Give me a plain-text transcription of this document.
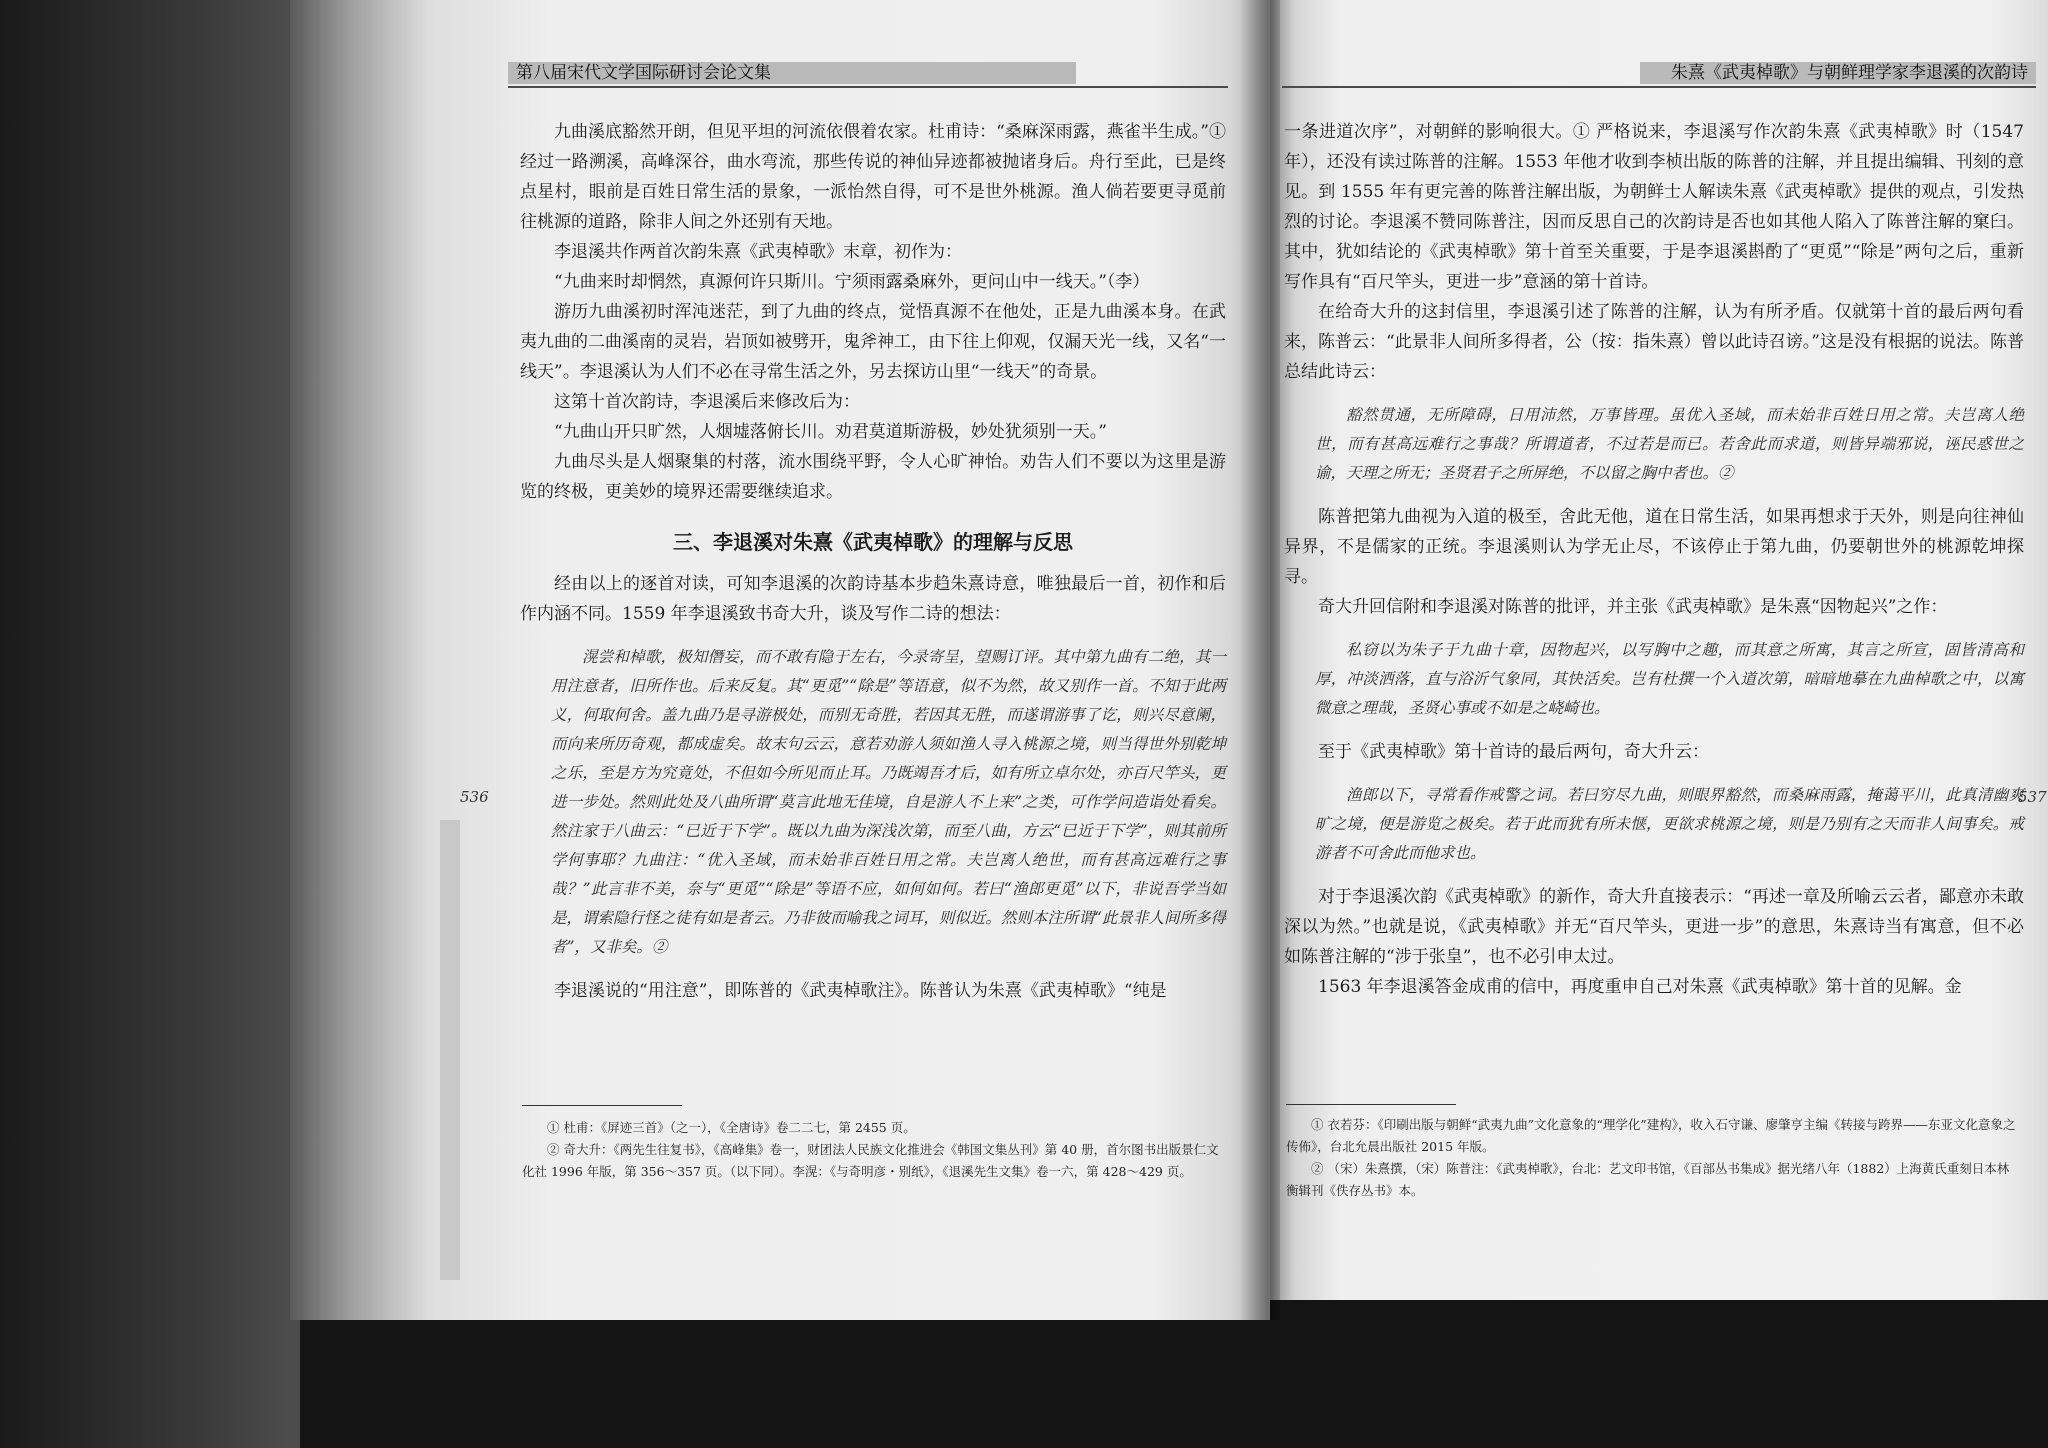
第八届宋代文学国际研讨会论文集

九曲溪底豁然开朗，但见平坦的河流依偎着农家。杜甫诗：“桑麻深雨露，燕雀半生成。”① 经过一路溯溪，高峰深谷，曲水弯流，那些传说的神仙异迹都被抛诸身后。舟行至此，已是终点星村，眼前是百姓日常生活的景象，一派怡然自得，可不是世外桃源。渔人倘若要更寻觅前往桃源的道路，除非人间之外还别有天地。

李退溪共作两首次韵朱熹《武夷棹歌》末章，初作为：

“九曲来时却惘然，真源何许只斯川。宁须雨露桑麻外，更问山中一线天。”（李）

游历九曲溪初时浑沌迷茫，到了九曲的终点，觉悟真源不在他处，正是九曲溪本身。在武夷九曲的二曲溪南的灵岩，岩顶如被劈开，鬼斧神工，由下往上仰观，仅漏天光一线，又名“一线天”。李退溪认为人们不必在寻常生活之外，另去探访山里“一线天”的奇景。

这第十首次韵诗，李退溪后来修改后为：

“九曲山开只旷然，人烟墟落俯长川。劝君莫道斯游极，妙处犹须别一天。”

九曲尽头是人烟聚集的村落，流水围绕平野，令人心旷神怡。劝告人们不要以为这里是游览的终极，更美妙的境界还需要继续追求。

三、李退溪对朱熹《武夷棹歌》的理解与反思

经由以上的逐首对读，可知李退溪的次韵诗基本步趋朱熹诗意，唯独最后一首，初作和后作内涵不同。1559 年李退溪致书奇大升，谈及写作二诗的想法：

滉尝和棹歌，极知僭妄，而不敢有隐于左右，今录寄呈，望赐订评。其中第九曲有二绝，其一用注意者，旧所作也。后来反复。其“更觅”“除是”等语意，似不为然，故又别作一首。不知于此两义，何取何舍。盖九曲乃是寻游极处，而别无奇胜，若因其无胜，而遂谓游事了讫，则兴尽意阑，而向来所历奇观，都成虚矣。故末句云云，意若劝游人须如渔人寻入桃源之境，则当得世外别乾坤之乐，至是方为究竟处，不但如今所见而止耳。乃既竭吾才后，如有所立卓尔处，亦百尺竿头，更进一步处。然则此处及八曲所谓“莫言此地无佳境，自是游人不上来”之类，可作学问造诣处看矣。然注家于八曲云：“已近于下学”。既以九曲为深浅次第，而至八曲，方云“已近于下学”，则其前所学何事耶？九曲注：“优入圣域，而未始非百姓日用之常。夫岂离人绝世，而有甚高远难行之事哉？”此言非不美，奈与“更觅”“除是”等语不应，如何如何。若曰“渔郎更觅”以下，非说吾学当如是，谓索隐行怪之徒有如是者云。乃非彼而喻我之词耳，则似近。然则本注所谓“此景非人间所多得者”，又非矣。②

李退溪说的“用注意”，即陈普的《武夷棹歌注》。陈普认为朱熹《武夷棹歌》“纯是

① 杜甫：《屏迹三首》（之一），《全唐诗》卷二二七，第 2455 页。

② 奇大升：《两先生往复书》，《高峰集》卷一，财团法人民族文化推进会《韩国文集丛刊》第 40 册，首尔图书出版景仁文化社 1996 年版，第 356～357 页。（以下同）。李滉：《与奇明彦・别纸》，《退溪先生文集》卷一六，第 428～429 页。

536
朱熹《武夷棹歌》与朝鲜理学家李退溪的次韵诗

一条进道次序”，对朝鲜的影响很大。① 严格说来，李退溪写作次韵朱熹《武夷棹歌》时（1547 年），还没有读过陈普的注解。1553 年他才收到李桢出版的陈普的注解，并且提出编辑、刊刻的意见。到 1555 年有更完善的陈普注解出版，为朝鲜士人解读朱熹《武夷棹歌》提供的观点，引发热烈的讨论。李退溪不赞同陈普注，因而反思自己的次韵诗是否也如其他人陷入了陈普注解的窠臼。其中，犹如结论的《武夷棹歌》第十首至关重要，于是李退溪斟酌了“更觅”“除是”两句之后，重新写作具有“百尺竿头，更进一步”意涵的第十首诗。

在给奇大升的这封信里，李退溪引述了陈普的注解，认为有所矛盾。仅就第十首的最后两句看来，陈普云：“此景非人间所多得者，公（按：指朱熹）曾以此诗召谤。”这是没有根据的说法。陈普总结此诗云：

豁然贯通，无所障碍，日用沛然，万事皆理。虽优入圣域，而未始非百姓日用之常。夫岂离人绝世，而有甚高远难行之事哉？所谓道者，不过若是而已。若舍此而求道，则皆异端邪说，诬民惑世之谕，天理之所无；圣贤君子之所屏绝，不以留之胸中者也。②

陈普把第九曲视为入道的极至，舍此无他，道在日常生活，如果再想求于天外，则是向往神仙异界，不是儒家的正统。李退溪则认为学无止尽，不该停止于第九曲，仍要朝世外的桃源乾坤探寻。

奇大升回信附和李退溪对陈普的批评，并主张《武夷棹歌》是朱熹“因物起兴”之作：

私窃以为朱子于九曲十章，因物起兴，以写胸中之趣，而其意之所寓，其言之所宣，固皆清高和厚，冲淡洒落，直与浴沂气象同，其快活矣。岂有杜撰一个入道次第，暗暗地摹在九曲棹歌之中，以寓微意之理哉，圣贤心事或不如是之峣崎也。

至于《武夷棹歌》第十首诗的最后两句，奇大升云：

渔郎以下，寻常看作戒警之词。若曰穷尽九曲，则眼界豁然，而桑麻雨露，掩蔼平川，此真清幽爽旷之境，便是游览之极矣。若于此而犹有所未惬，更欲求桃源之境，则是乃别有之天而非人间事矣。戒游者不可舍此而他求也。

对于李退溪次韵《武夷棹歌》的新作，奇大升直接表示：“再述一章及所喻云云者，鄙意亦未敢深以为然。”也就是说，《武夷棹歌》并无“百尺竿头，更进一步”的意思，朱熹诗当有寓意，但不必如陈普注解的“涉于张皇”，也不必引申太过。

1563 年李退溪答金成甫的信中，再度重申自己对朱熹《武夷棹歌》第十首的见解。金

① 衣若芬：《印刷出版与朝鲜“武夷九曲”文化意象的“理学化”建构》，收入石守谦、廖肇亨主编《转接与跨界——东亚文化意象之传佈》，台北允晨出版社 2015 年版。

② （宋）朱熹撰，（宋）陈普注：《武夷棹歌》，台北：艺文印书馆，《百部丛书集成》据光绪八年（1882）上海黄氏重刻日本林衡辑刊《佚存丛书》本。

537
